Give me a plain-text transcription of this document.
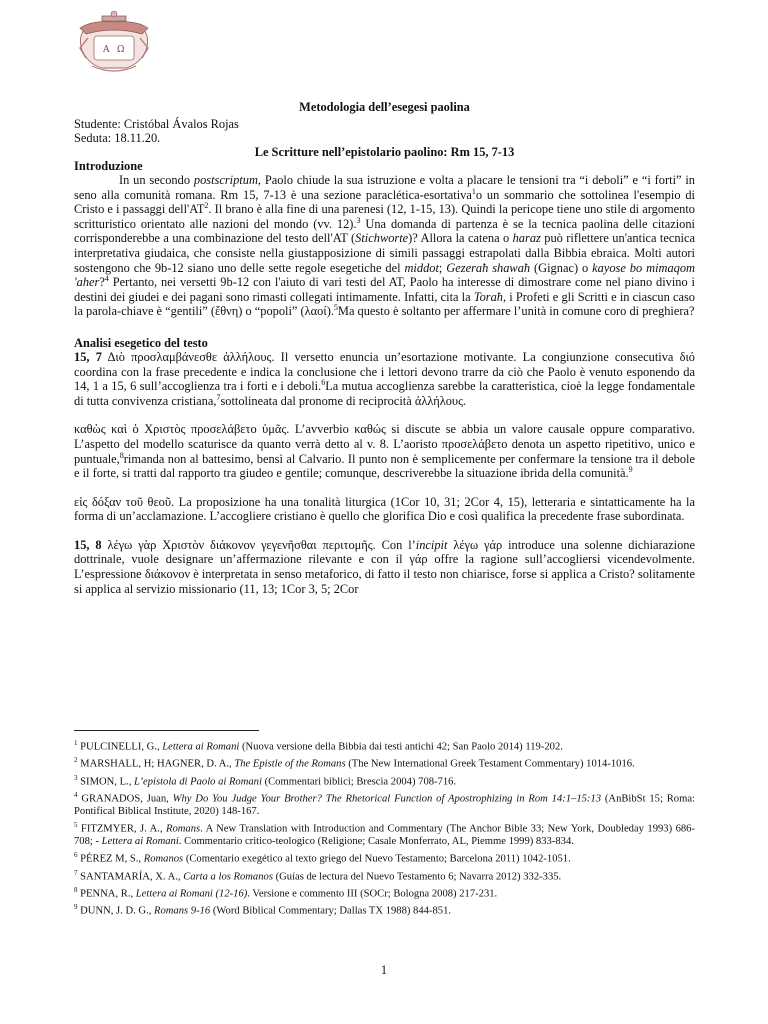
A Ω

Metodologia dell’esegesi paolina

Studente: Cristóbal Ávalos Rojas

Seduta: 18.11.20.

Le Scritture nell’epistolario paolino: Rm 15, 7-13

Introduzione

In un secondo postscriptum, Paolo chiude la sua istruzione e volta a placare le tensioni tra “i deboli” e “i forti” in seno alla comunità romana. Rm 15, 7-13 è una sezione paraclética-esortativa$^1$o un sommario che sottolinea l'esempio di Cristo e i passaggi dell'AT$^2$. Il brano è alla fine di una parenesi (12, 1-15, 13). Quindi la pericope tiene uno stile di argomento scritturistico orientato alle nazioni del mondo (vv. 12).$^3$ Una domanda di partenza è se la tecnica paolina delle citazioni corrisponderebbe a una combinazione del testo dell'AT (Stichworte)? Allora la catena o haraz può riflettere un'antica tecnica interpretativa giudaica, che consiste nella giustapposizione di simili passaggi estrapolati dalla Bibbia ebraica. Molti autori sostengono che 9b-12 siano uno delle sette regole esegetiche del middot; Gezeraħ shawaħ (Gignac) o kayose bo mimaqom 'aher?$^4$ Pertanto, nei versetti 9b-12 con l'aiuto di vari testi del AT, Paolo ha interesse di dimostrare come nel piano divino i destini dei giudei e dei pagani sono rimasti collegati intimamente. Infatti, cita la Toraħ, i Profeti e gli Scritti e in ciascun caso la parola-chiave è “gentili” (ἔθνη) o “popoli” (λαοί).$^5$Ma questo è soltanto per affermare l’unità in comune coro di preghiera?

Analisi esegetico del testo

15, 7 Διὸ προσλαμβάνεσθε ἀλλήλους. Il versetto enuncia un’esortazione motivante. La congiunzione consecutiva διό coordina con la frase precedente e indica la conclusione che i lettori devono trarre da ciò che Paolo è venuto esponendo da 14, 1 a 15, 6 sull’accoglienza tra i forti e i deboli.$^6$La mutua accoglienza sarebbe la caratteristica, cioè la legge fondamentale di tutta convivenza cristiana,$^7$sottolineata dal pronome di reciprocità ἀλλήλους.

καθὼς καὶ ὁ Χριστὸς προσελάβετο ὑμᾶς. L’avverbio καθώς si discute se abbia un valore causale oppure comparativo. L’aspetto del modello scaturisce da quanto verrà detto al v. 8. L’aoristo προσελάβετο denota un aspetto ripetitivo, unico e puntuale,$^8$rimanda non al battesimo, bensì al Calvario. Il punto non è semplicemente per confermare la tensione tra il debole e il forte, si tratti dal rapporto tra giudeo e gentile; comunque, descriverebbe la situazione ibrida della comunità.$^9$

εἰς δόξαν τοῦ θεοῦ. La proposizione ha una tonalità liturgica (1Cor 10, 31; 2Cor 4, 15), letteraria e sintatticamente ha la forma di un’acclamazione. L’accogliere cristiano è quello che glorifica Dio e così qualifica la precedente frase subordinata.

15, 8 λέγω γὰρ Χριστὸν διάκονον γεγενῆσθαι περιτομῆς. Con l’incipit λέγω γάρ introduce una solenne dichiarazione dottrinale, vuole designare un’affermazione rilevante e con il γάρ offre la ragione sull’accogliersi vicendevolmente. L’espressione διάκονον è interpretata in senso metaforico, di fatto il testo non chiarisce, forse si applica a Cristo? solitamente si applica al servizio missionario (11, 13; 1Cor 3, 5; 2Cor

$^1$ PULCINELLI, G., Lettera ai Romani (Nuova versione della Bibbia dai testi antichi 42; San Paolo 2014) 119-202.

$^2$ MARSHALL, H; HAGNER, D. A., The Epistle of the Romans (The New International Greek Testament Commentary) 1014-1016.

$^3$ SIMON, L., L’epistola di Paolo ai Romani (Commentari biblici; Brescia 2004) 708-716.

$^4$ GRANADOS, Juan, Why Do You Judge Your Brother? The Rhetorical Function of Apostrophizing in Rom 14:1–15:13 (AnBibSt 15; Roma: Pontifical Biblical Institute, 2020) 148-167.

$^5$ FITZMYER, J. A., Romans. A New Translation with Introduction and Commentary (The Anchor Bible 33; New York, Doubleday 1993) 686-708; - Lettera ai Romani. Commentario critico-teologico (Religione; Casale Monferrato, AL, Piemme 1999) 833-834.

$^6$ PÉREZ M, S., Romanos (Comentario exegético al texto griego del Nuevo Testamento; Barcelona 2011) 1042-1051.

$^7$ SANTAMARÍA, X. A., Carta a los Romanos (Guías de lectura del Nuevo Testamento 6; Navarra 2012) 332-335.

$^8$ PENNA, R., Lettera ai Romani (12-16). Versione e commento III (SOCr; Bologna 2008) 217-231.

$^9$ DUNN, J. D. G., Romans 9-16 (Word Biblical Commentary; Dallas TX 1988) 844-851.

1
